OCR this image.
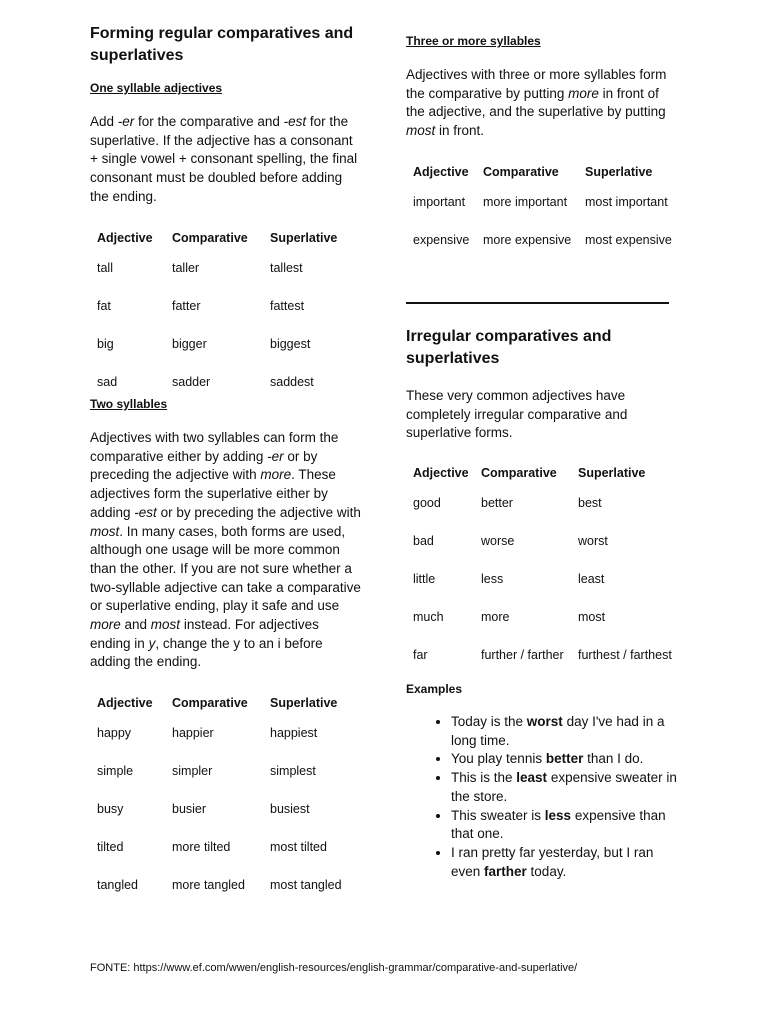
Forming regular comparatives and superlatives
One syllable adjectives

Add -er for the comparative and -est for the superlative. If the adjective has a consonant + single vowel + consonant spelling, the final consonant must be doubled before adding the ending.

Adjective	Comparative	Superlative
tall	taller	tallest
fat	fatter	fattest
big	bigger	biggest
sad	sadder	saddest
Two syllables

Adjectives with two syllables can form the comparative either by adding -er or by preceding the adjective with more. These adjectives form the superlative either by adding -est or by preceding the adjective with most. In many cases, both forms are used, although one usage will be more common than the other. If you are not sure whether a two-syllable adjective can take a comparative or superlative ending, play it safe and use more and most instead. For adjectives ending in y, change the y to an i before adding the ending.

Adjective	Comparative	Superlative
happy	happier	happiest
simple	simpler	simplest
busy	busier	busiest
tilted	more tilted	most tilted
tangled	more tangled	most tangled
Three or more syllables

Adjectives with three or more syllables form the comparative by putting more in front of the adjective, and the superlative by putting most in front.

Adjective	Comparative	Superlative
important	more important	most important
expensive	more expensive	most expensive
Irregular comparatives and superlatives

These very common adjectives have completely irregular comparative and superlative forms.

Adjective	Comparative	Superlative
good	better	best
bad	worse	worst
little	less	least
much	more	most
far	further / farther	furthest / farthest
Examples
• Today is the worst day I've had in a long time.
• You play tennis better than I do.
• This is the least expensive sweater in the store.
• This sweater is less expensive than that one.
• I ran pretty far yesterday, but I ran even farther today.
FONTE: https://www.ef.com/wwen/english-resources/english-grammar/comparative-and-superlative/
